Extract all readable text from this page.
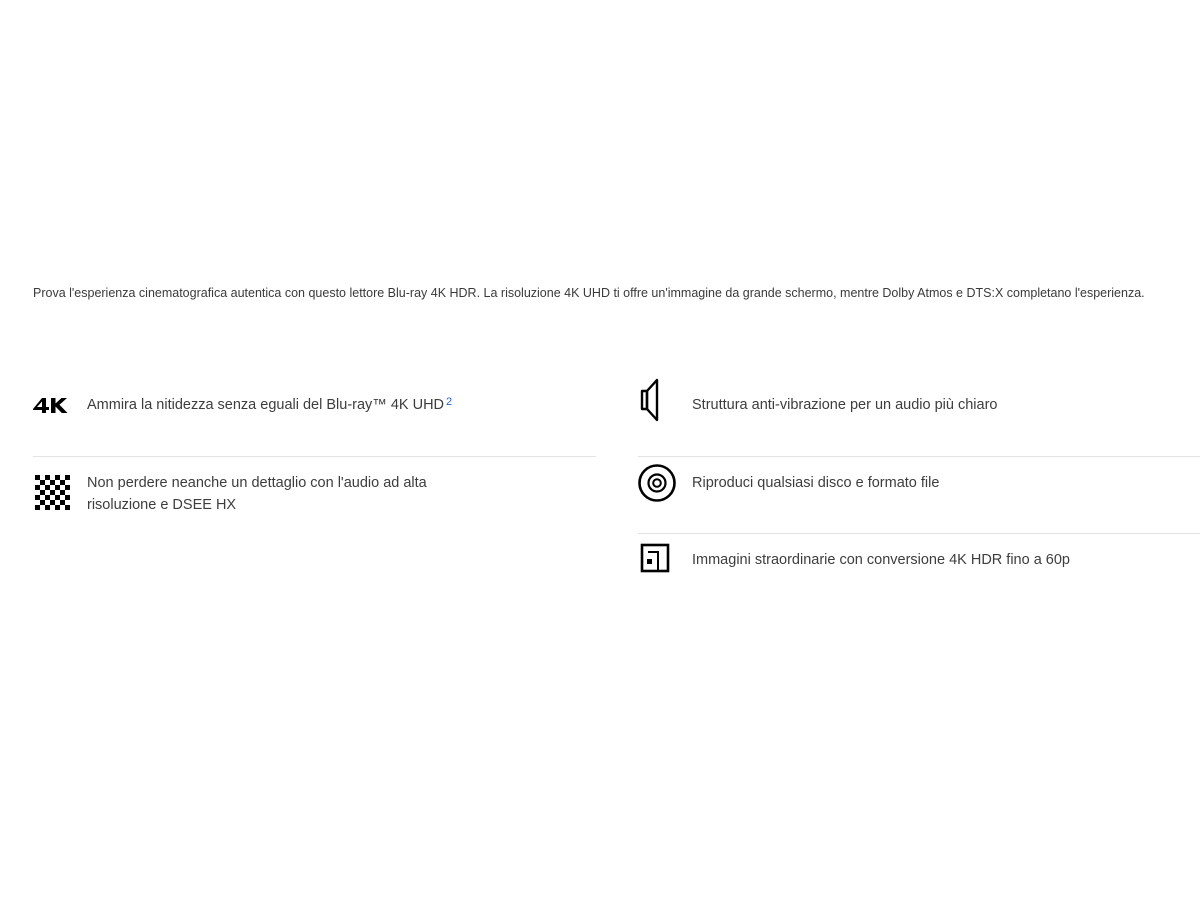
Prova l'esperienza cinematografica autentica con questo lettore Blu-ray 4K HDR. La risoluzione 4K UHD ti offre un'immagine da grande schermo, mentre Dolby Atmos e DTS:X completano l'esperienza.

Ammira la nitidezza senza eguali del Blu-ray™ 4K UHD $^2$
Non perdere neanche un dettaglio con l'audio ad alta risoluzione e DSEE HX
Struttura anti-vibrazione per un audio più chiaro
Riproduci qualsiasi disco e formato file
Immagini straordinarie con conversione 4K HDR fino a 60p
